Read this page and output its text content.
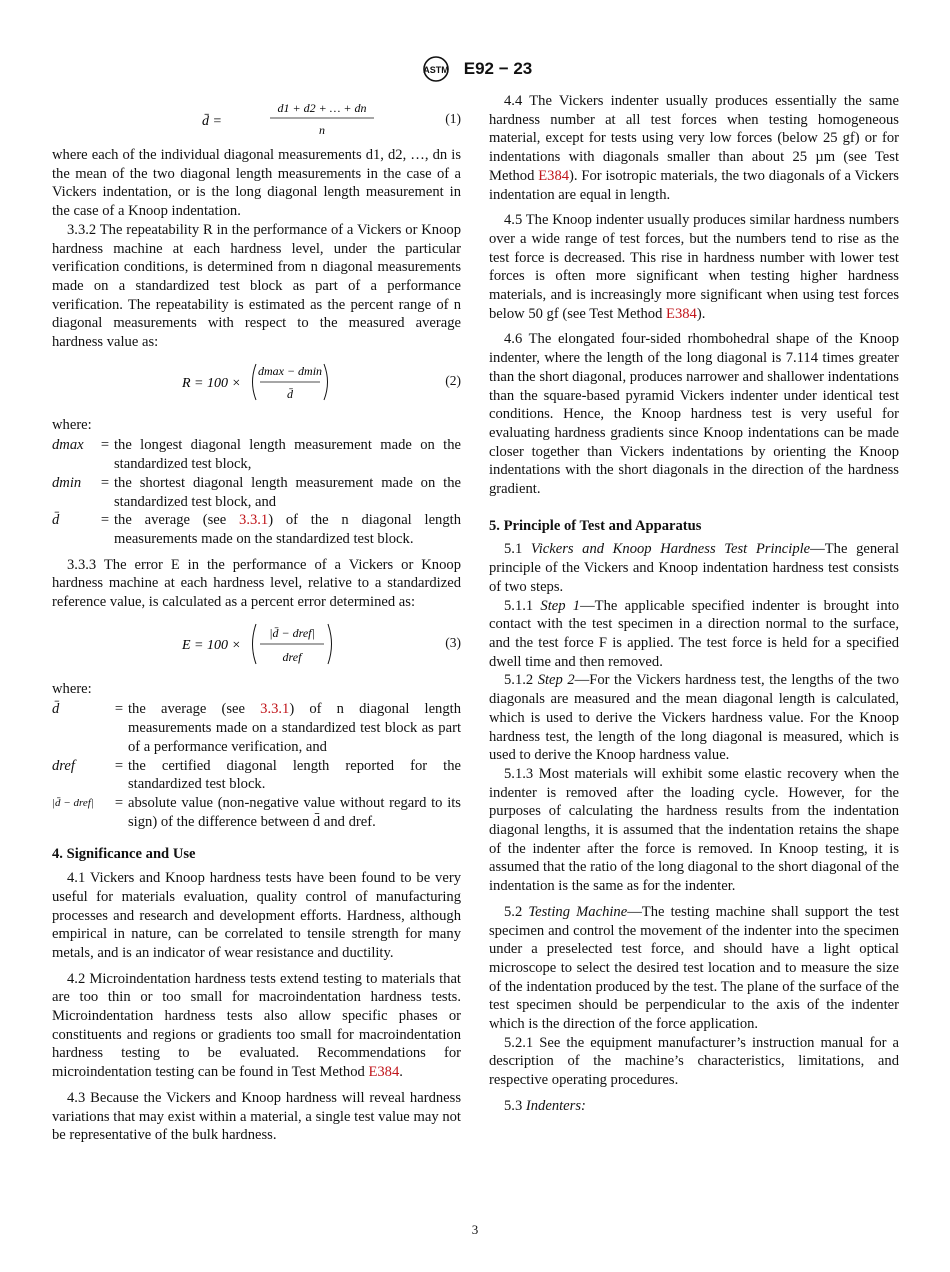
ASTM E92 − 23
d̄ =
d1 + d2 + … + dn
n
(1)

where each of the individual diagonal measurements d1, d2, …, dn is the mean of the two diagonal length measurements in the case of a Vickers indentation, or is the long diagonal length measurement in the case of a Knoop indentation.

3.3.2 The repeatability R in the performance of a Vickers or Knoop hardness machine at each hardness level, under the particular verification conditions, is determined from n diagonal measurements made on a standardized test block as part of a performance verification. The repeatability is estimated as the percent range of n diagonal measurements with respect to the measured average hardness value as:

R = 100 ×
dmax − dmin
d̄
(2)

where:

dmax	=	the longest diagonal length measurement made on the standardized test block,
dmin	=	the shortest diagonal length measurement made on the standardized test block, and
d̄	=	the average (see 3.3.1) of the n diagonal length measurements made on the standardized test block.

3.3.3 The error E in the performance of a Vickers or Knoop hardness machine at each hardness level, relative to a standardized reference value, is calculated as a percent error determined as:

E = 100 ×
|d̄ − dref|
dref
(3)

where:

d̄	=	the average (see 3.3.1) of n diagonal length measurements made on a standardized test block as part of a performance verification, and
dref	=	the certified diagonal length reported for the standardized test block.
|d̄ − dref|	=	absolute value (non-negative value without regard to its sign) of the difference between d̄ and dref.

4. Significance and Use

4.1 Vickers and Knoop hardness tests have been found to be very useful for materials evaluation, quality control of manufacturing processes and research and development efforts. Hardness, although empirical in nature, can be correlated to tensile strength for many metals, and is an indicator of wear resistance and ductility.

4.2 Microindentation hardness tests extend testing to materials that are too thin or too small for macroindentation hardness tests. Microindentation hardness tests also allow specific phases or constituents and regions or gradients too small for macroindentation hardness testing to be evaluated. Recommendations for microindentation testing can be found in Test Method E384.

4.3 Because the Vickers and Knoop hardness will reveal hardness variations that may exist within a material, a single test value may not be representative of the bulk hardness.

4.4 The Vickers indenter usually produces essentially the same hardness number at all test forces when testing homogeneous material, except for tests using very low forces (below 25 gf) or for indentations with diagonals smaller than about 25 µm (see Test Method E384). For isotropic materials, the two diagonals of a Vickers indentation are equal in length.

4.5 The Knoop indenter usually produces similar hardness numbers over a wide range of test forces, but the numbers tend to rise as the test force is decreased. This rise in hardness number with lower test forces is often more significant when testing higher hardness materials, and is increasingly more significant when using test forces below 50 gf (see Test Method E384).

4.6 The elongated four-sided rhombohedral shape of the Knoop indenter, where the length of the long diagonal is 7.114 times greater than the short diagonal, produces narrower and shallower indentations than the square-based pyramid Vickers indenter under identical test conditions. Hence, the Knoop hardness test is very useful for evaluating hardness gradients since Knoop indentations can be made closer together than Vickers indentations by orienting the Knoop indentations with the short diagonals in the direction of the hardness gradient.

5. Principle of Test and Apparatus

5.1 Vickers and Knoop Hardness Test Principle—The general principle of the Vickers and Knoop indentation hardness test consists of two steps.

5.1.1 Step 1—The applicable specified indenter is brought into contact with the test specimen in a direction normal to the surface, and the test force F is applied. The test force is held for a specified dwell time and then removed.

5.1.2 Step 2—For the Vickers hardness test, the lengths of the two diagonals are measured and the mean diagonal length is calculated, which is used to derive the Vickers hardness value. For the Knoop hardness test, the length of the long diagonal is measured, which is used to derive the Knoop hardness value.

5.1.3 Most materials will exhibit some elastic recovery when the indenter is removed after the loading cycle. However, for the purposes of calculating the hardness results from the indentation diagonal lengths, it is assumed that the indentation retains the shape of the indenter after the force is removed. In Knoop testing, it is assumed that the ratio of the long diagonal to the short diagonal of the indentation is the same as for the indenter.

5.2 Testing Machine—The testing machine shall support the test specimen and control the movement of the indenter into the specimen under a preselected test force, and should have a light optical microscope to select the desired test location and to measure the size of the indentation produced by the test. The plane of the surface of the test specimen should be perpendicular to the axis of the indenter which is the direction of the force application.

5.2.1 See the equipment manufacturer’s instruction manual for a description of the machine’s characteristics, limitations, and respective operating procedures.

5.3 Indenters:

3
